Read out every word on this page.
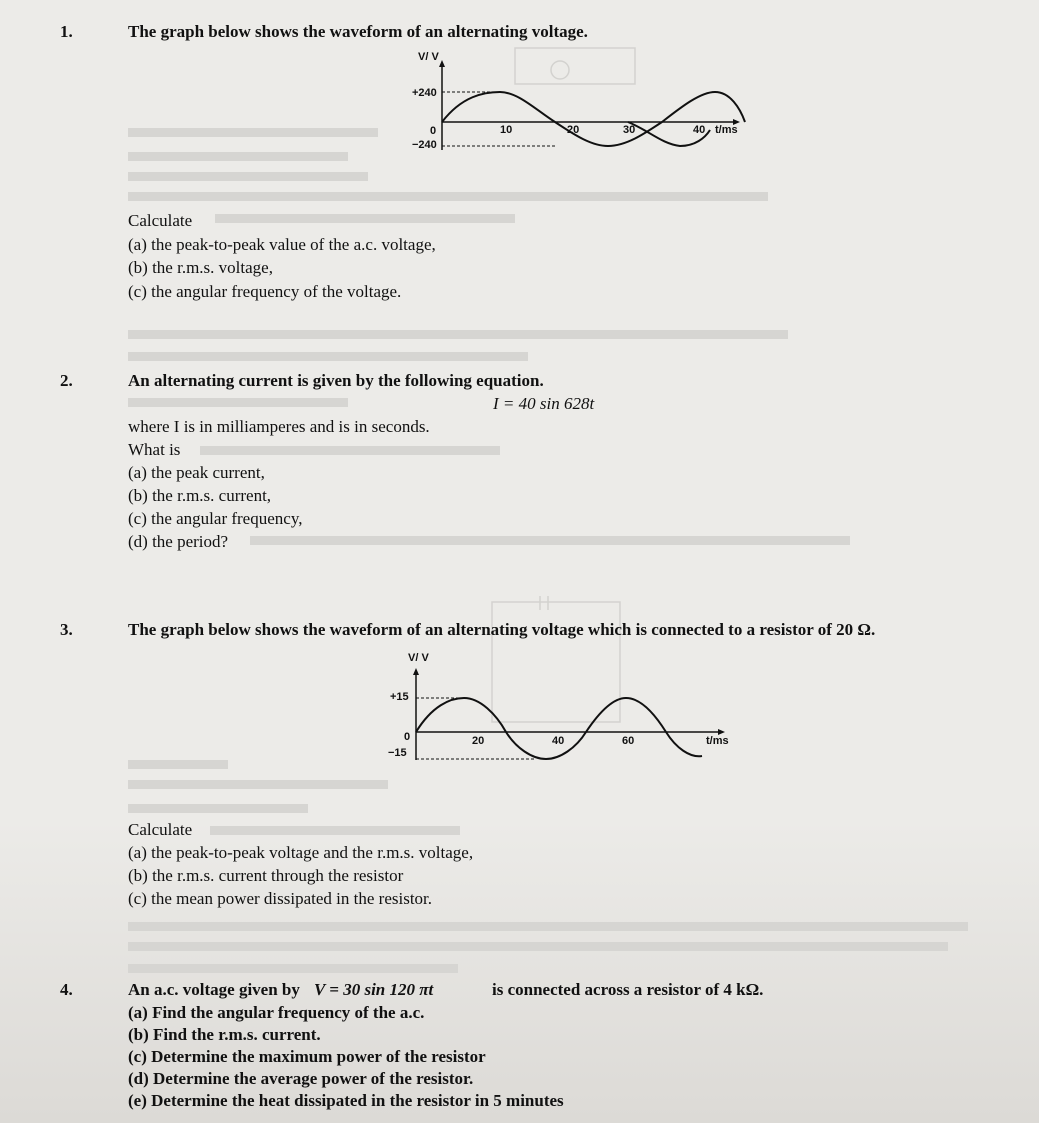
1.	The graph below shows the waveform of an alternating voltage.
V/ V
+240
0
−240
10	20	30	40 t/ms
Calculate
(a) the peak-to-peak value of the a.c. voltage,
(b) the r.m.s. voltage,
(c) the angular frequency of the voltage.
2.	An alternating current is given by the following equation.
I = 40 sin 628t
where I is in milliamperes and is in seconds.
What is
(a) the peak current,
(b) the r.m.s. current,
(c) the angular frequency,
(d) the period?
3.	The graph below shows the waveform of an alternating voltage which is connected to a resistor of 20 Ω.
V/ V
+15
0
−15
20	40	60	t/ms
Calculate
(a) the peak-to-peak voltage and the r.m.s. voltage,
(b) the r.m.s. current through the resistor
(c) the mean power dissipated in the resistor.
4.	An a.c. voltage given by V = 30 sin 120 πt	is connected across a resistor of 4 kΩ.
(a) Find the angular frequency of the a.c.
(b) Find the r.m.s. current.
(c) Determine the maximum power of the resistor
(d) Determine the average power of the resistor.
(e) Determine the heat dissipated in the resistor in 5 minutes
